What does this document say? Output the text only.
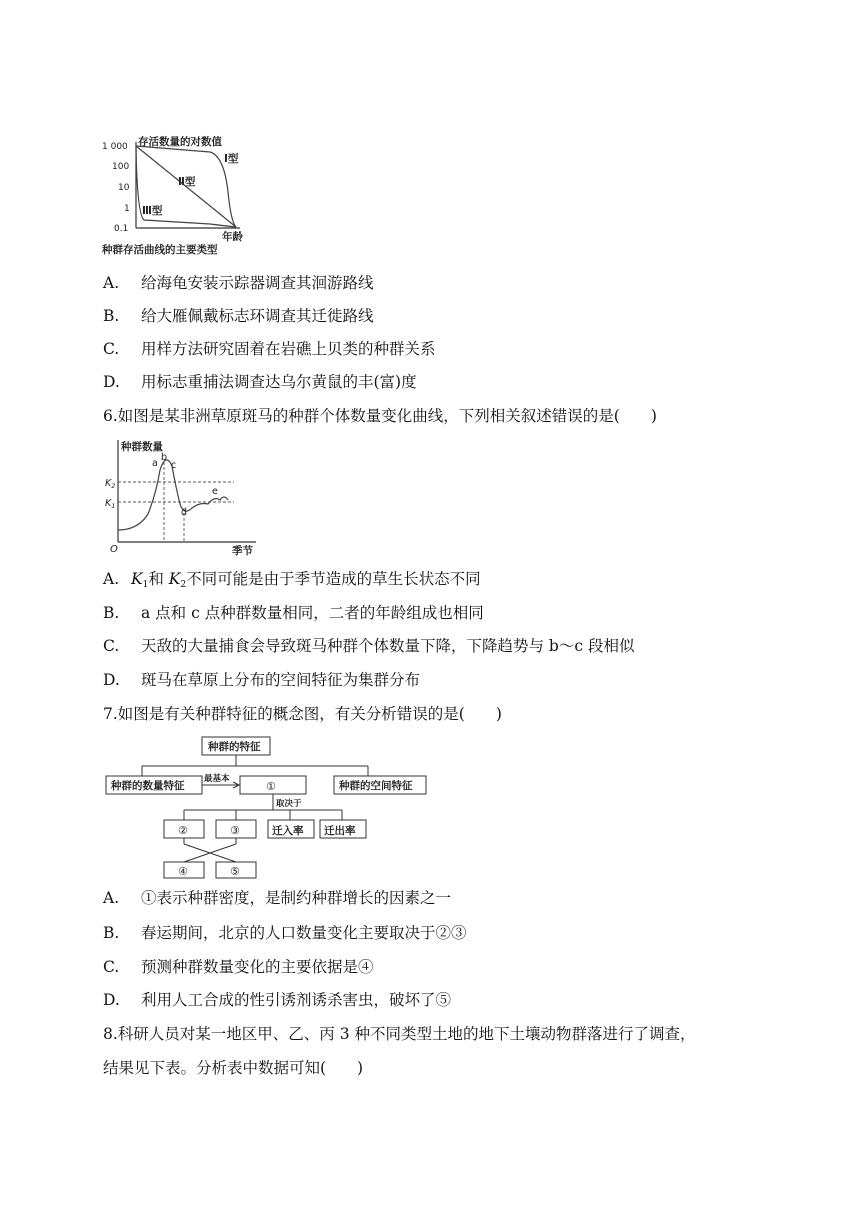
存活数量的对数值
1 000
100
10
1
0.1
Ⅰ型
Ⅱ型
Ⅲ型
年龄
种群存活曲线的主要类型
A. 给海龟安装示踪器调查其洄游路线
B. 给大雁佩戴标志环调查其迁徙路线
C. 用样方法研究固着在岩礁上贝类的种群关系
D. 用标志重捕法调查达乌尔黄鼠的丰(富)度
6.如图是某非洲草原斑马的种群个体数量变化曲线，下列相关叙述错误的是(　　)
种群数量
$K_2$
$K_1$
a
b
c
d
e
O	季节
A. K1和 K2不同可能是由于季节造成的草生长状态不同
B. a 点和 c 点种群数量相同，二者的年龄组成也相同
C. 天敌的大量捕食会导致斑马种群个体数量下降，下降趋势与 b～c 段相似
D. 斑马在草原上分布的空间特征为集群分布
7.如图是有关种群特征的概念图，有关分析错误的是(　　)
种群的特征
种群的数量特征	种群的空间特征
最基本
①
取决于
②	③	迁入率 迁出率
④	⑤
A. ①表示种群密度，是制约种群增长的因素之一
B. 春运期间，北京的人口数量变化主要取决于②③
C. 预测种群数量变化的主要依据是④
D. 利用人工合成的性引诱剂诱杀害虫，破坏了⑤
8.科研人员对某一地区甲、乙、丙 3 种不同类型土地的地下土壤动物群落进行了调查，
结果见下表。分析表中数据可知(　　)
